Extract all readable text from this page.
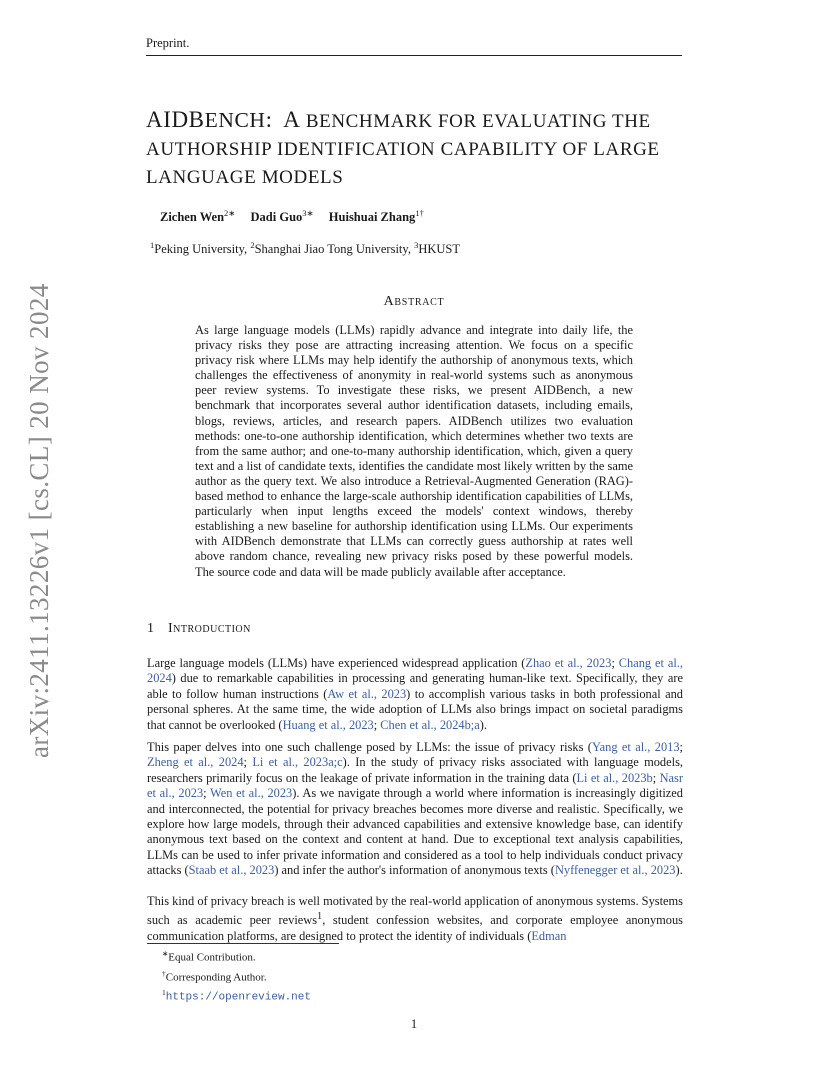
Preprint.
AIDBENCH: A BENCHMARK FOR EVALUATING THE
AUTHORSHIP IDENTIFICATION CAPABILITY OF LARGE
LANGUAGE MODELS
Zichen Wen$^{2∗}$ Dadi Guo$^{3∗}$ Huishuai Zhang$^{1\dagger}$
$^1$Peking University, $^2$Shanghai Jiao Tong University, $^3$HKUST
Abstract
As large language models (LLMs) rapidly advance and integrate into daily life, the privacy risks they pose are attracting increasing attention. We focus on a specific privacy risk where LLMs may help identify the authorship of anonymous texts, which challenges the effectiveness of anonymity in real-world systems such as anonymous peer review systems. To investigate these risks, we present AIDBench, a new benchmark that incorporates several author identification datasets, including emails, blogs, reviews, articles, and research papers. AIDBench utilizes two evaluation methods: one-to-one authorship identification, which determines whether two texts are from the same author; and one-to-many authorship identification, which, given a query text and a list of candidate texts, identifies the candidate most likely written by the same author as the query text. We also introduce a Retrieval-Augmented Generation (RAG)-based method to enhance the large-scale authorship identification capabilities of LLMs, particularly when input lengths exceed the models' context windows, thereby establishing a new baseline for authorship identification using LLMs. Our experiments with AIDBench demonstrate that LLMs can correctly guess authorship at rates well above random chance, revealing new privacy risks posed by these powerful models. The source code and data will be made publicly available after acceptance.
1 Introduction
Large language models (LLMs) have experienced widespread application (Zhao et al., 2023; Chang et al., 2024) due to remarkable capabilities in processing and generating human-like text. Specifically, they are able to follow human instructions (Aw et al., 2023) to accomplish various tasks in both professional and personal spheres. At the same time, the wide adoption of LLMs also brings impact on societal paradigms that cannot be overlooked (Huang et al., 2023; Chen et al., 2024b;a).
This paper delves into one such challenge posed by LLMs: the issue of privacy risks (Yang et al., 2013; Zheng et al., 2024; Li et al., 2023a;c). In the study of privacy risks associated with language models, researchers primarily focus on the leakage of private information in the training data (Li et al., 2023b; Nasr et al., 2023; Wen et al., 2023). As we navigate through a world where information is increasingly digitized and interconnected, the potential for privacy breaches becomes more diverse and realistic. Specifically, we explore how large models, through their advanced capabilities and extensive knowledge base, can identify anonymous text based on the context and content at hand. Due to exceptional text analysis capabilities, LLMs can be used to infer private information and considered as a tool to help individuals conduct privacy attacks (Staab et al., 2023) and infer the author's information of anonymous texts (Nyffenegger et al., 2023).
This kind of privacy breach is well motivated by the real-world application of anonymous systems. Systems such as academic peer reviews$^1$, student confession websites, and corporate employee anonymous communication platforms, are designed to protect the identity of individuals (Edman
∗Equal Contribution.
†Corresponding Author.
$^1$https://openreview.net
1
arXiv:2411.13226v1 [cs.CL] 20 Nov 2024
